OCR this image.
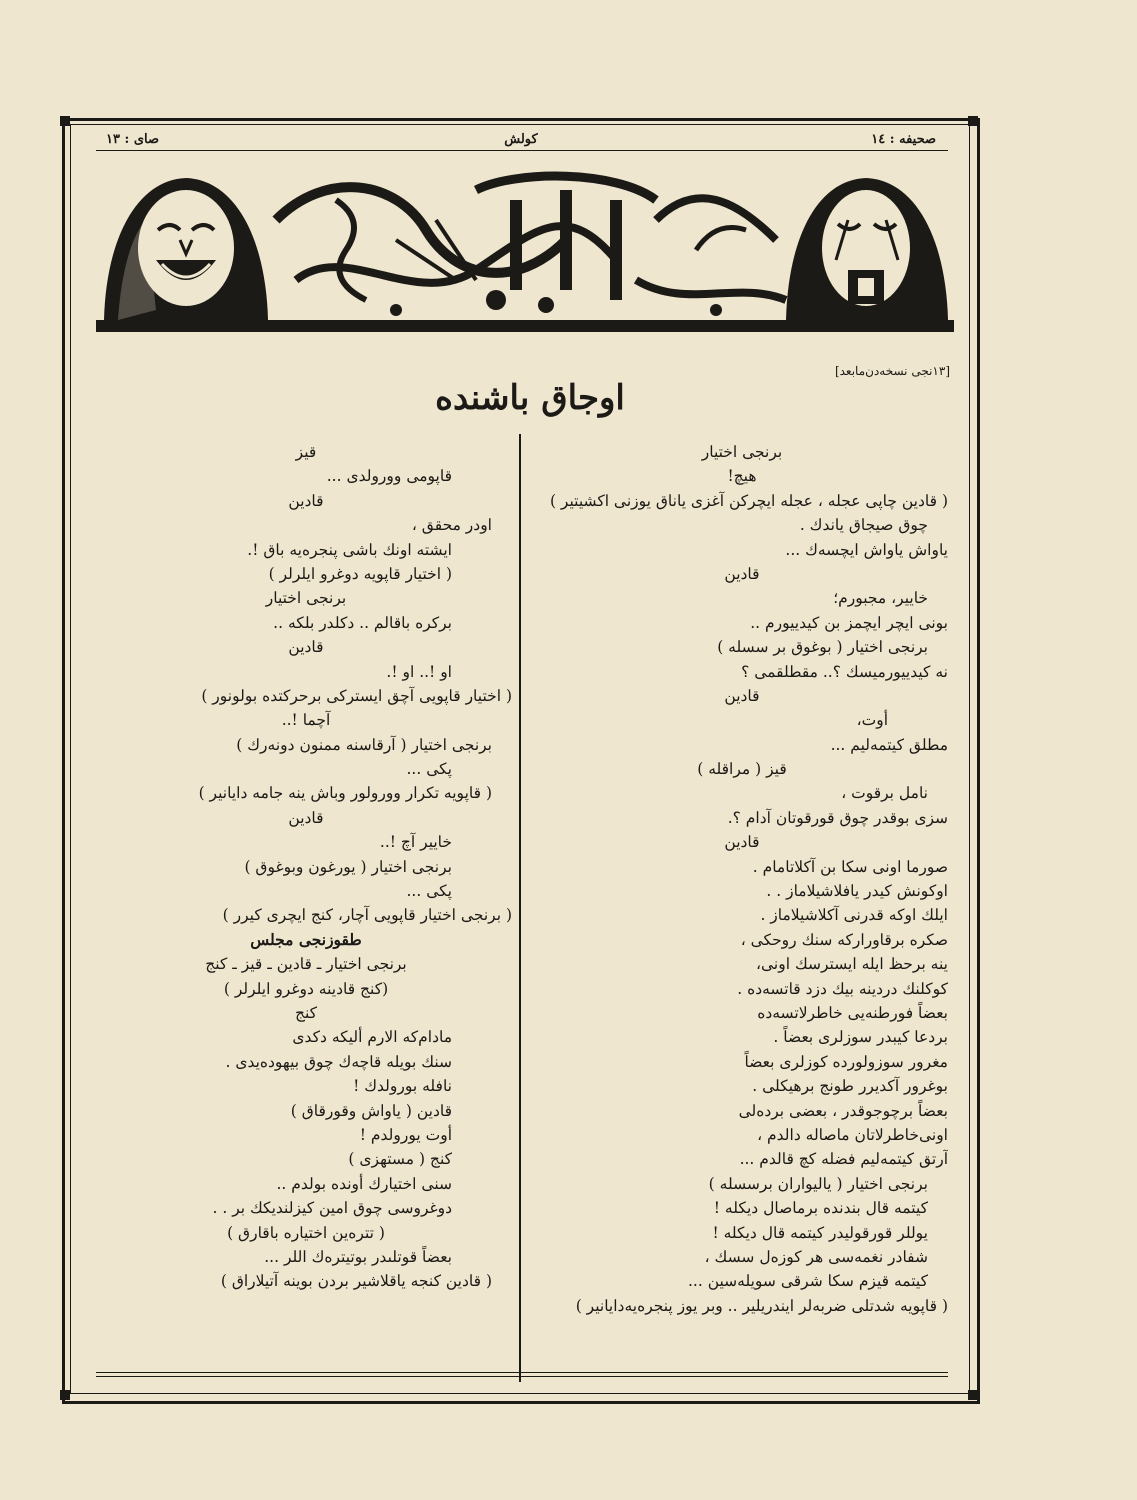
صحیفه : ١٤
كولش
صاى : ١٣
[١٣نجى نسخەدن‌مابعد]
اوجاق باشنده
برنجى اختيار
هيچ!
( قادين چاپى عجله ، عجله ايچركن آغزى ياناق يوزنى اكشيتير )
چوق صيجاق ياندك .
ياواش ياواش ايچسەك ...
قادين
خايير، مجبورم؛
بونى ايچر ايچمز بن كيدييورم ..
برنجى اختيار ( بوغوق بر سسله )
نه كيدييورميسك ؟.. مقطلقمى ؟
قادين
أوت،
مطلق كيتمەليم ...
قيز ( مراقله )
نامل برقوت ،
سزى بوقدر چوق قورقوتان آدام ؟.
قادين
صورما اونى سكا بن آكلاتامام .
اوكونش كيدر يافلاشيلاماز . .
ايلك اوكه قدرنى آكلاشيلاماز .
صكره برقاوراركه سنك روحكى ،
ينه برحظ ايله ايسترسك اونى،
كوكلنك دردينه بيك دزد قاتسەده .
بعضاً فورطنەيى خاطرلاتسەده
بردعا كيبدر سوزلرى بعضاً .
مغرور سوزولورده كوزلرى بعضاً
بوغرور آكديرر طونج برهيكلى .
بعضاً برچوجوقدر ، بعضى بردەلى
اونى‌خاطرلاتان ماصاله دالدم ،
آرتق كيتمەليم فضله كچ قالدم ...
برنجى اختيار ( ياليواران برسسله )
كيتمه قال بندنده برماصال ديكله !
يوللر قورقوليدر كيتمه قال ديكله !
شفادر نغمەسى هر كوزەل سسك ،
كيتمه قيزم سكا شرقى سويلەسين ...
( قاپويه شدتلى ضربەلر ايندريلير .. وبر يوز پنجرەيەدايانير )
قيز
قاپومى وورولدى ...
قادين
اودر محقق ،
ايشته اونك باشى پنجرەيه باق !.
( اختيار قاپويه دوغرو ايلرلر )
برنجى اختيار
بركره باقالم .. دكلدر بلكه ..
قادين
او !.. او !.
( اختيار قاپويى آچق ايستركى برحركتده بولونور )
آچما !..
برنجى اختيار ( آرقاسنه ممنون دونەرك )
پكى ...
( قاپويه تكرار وورولور وباش ينه جامه دايانير )
قادين
خايير آچ !..
برنجى اختيار ( يورغون وبوغوق )
پكى ...
( برنجى اختيار قاپويى آچار، كنج ايچرى كيرر )
طقوزنجى مجلس
برنجى اختيار ـ قادين ـ قيز ـ كنج
(كنج قادينه دوغرو ايلرلر )
كنج
مادام‌كه الارم أليكه دكدى
سنك بويله قاچەك چوق بيهودەيدى .
نافله بورولدك !
قادين ( ياواش وقورقاق )
أوت يورولدم !
كنج ( مستهزى )
سنى اختيارك أونده بولدم ..
دوغروسى چوق امين كيزلنديكك بر . .
( تترەين اختياره باقارق )
بعضاً قوتلىدر بوتيترەك اللر ...
( قادين كنجه ياقلاشير بردن بوينه آتيلاراق )
